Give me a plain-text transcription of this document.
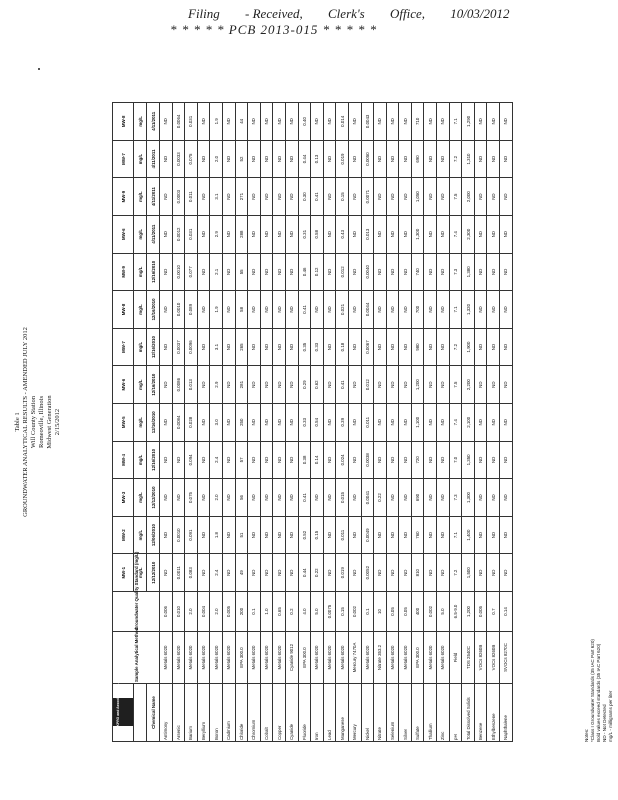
Filing - Received, Clerk's Office, 10/03/2012
* * * * * PCB 2013-015 * * * * *
Table 1 GROUNDWATER ANALYTICAL RESULTS - AMENDED JULY 2012 Will County Station Romeoville, Illinois Midwest Generation 2/15/2012
KPRG and Associates, Inc.	Sample Analytical Method	Groundwater Quality Standard (mg/L)	MW-1	MW-2	MW-3	MW-4	MW-5	MW-6	MW-7	MW-8	MW-9	MW-6	MW-9	MW-7	MW-8
			mg/L	mg/L	mg/L	mg/L	mg/L	mg/L	mg/L	mg/L	mg/L	mg/L	mg/L	mg/L	mg/L
Chemical Name			12/12/2010	12/06/2010	12/12/2010	12/16/2010	12/16/2010	12/16/2010	12/16/2010	12/16/2010	12/16/2010	4/11/2011	4/11/2011	4/11/2011	4/11/2011
Antimony	Metals 6020	0.006	ND	ND	ND	ND	ND	ND	ND	ND	ND	ND	ND	ND	ND
Arsenic	Metals 6020	0.010	0.0011	0.0010	ND	ND	0.0084	0.0086	0.0037	0.0010	0.0010	0.0012	0.0003	0.0033	0.0064
Barium	Metals 6020	2.0	0.083	0.091	0.075	0.094	0.028	0.013	0.0096	0.089	0.077	0.031	0.011	0.075	0.031
Beryllium	Metals 6020	0.004	ND	ND	ND	ND	ND	ND	ND	ND	ND	ND	ND	ND	ND
Boron	Metals 6020	2.0	2.4	1.8	2.0	2.4	3.0	2.9	3.1	1.9	2.1	2.9	3.1	2.0	1.9
Cadmium	Metals 6020	0.005	ND	ND	ND	ND	ND	ND	ND	ND	ND	ND	ND	ND	ND
Chloride	EPA 300.0	200	49	51	56	57	250	281	265	58	55	288	271	52	44
Chromium	Metals 6020	0.1	ND	ND	ND	ND	ND	ND	ND	ND	ND	ND	ND	ND	ND
Cobalt	Metals 6020	1.0	ND	ND	ND	ND	ND	ND	ND	ND	ND	ND	ND	ND	ND
Copper	Metals 6020	0.65	ND	ND	ND	ND	ND	ND	ND	ND	ND	ND	ND	ND	ND
Cyanide	Cyanide 9012	0.2	ND	ND	ND	ND	ND	ND	ND	ND	ND	ND	ND	ND	ND
Fluoride	EPA 300.0	4.0	0.44	0.52	0.41	0.38	0.33	0.29	0.35	0.41	0.46	0.31	0.30	0.44	0.40
Iron	Metals 6020	5.0	0.22	0.15	ND	0.14	0.54	0.62	0.33	ND	0.12	0.58	0.41	0.13	ND
Lead	Metals 6020	0.0075	ND	ND	ND	ND	ND	ND	ND	ND	ND	ND	ND	ND	ND
Manganese	Metals 6020	0.15	0.019	0.011	0.015	0.024	0.39	0.41	0.18	0.021	0.012	0.43	0.15	0.019	0.014
Mercury	Mercury 7470A	0.002	ND	ND	ND	ND	ND	ND	ND	ND	ND	ND	ND	ND	ND
Nickel	Metals 6020	0.1	0.0052	0.0049	0.0041	0.0038	0.011	0.012	0.0067	0.0044	0.0040	0.013	0.0071	0.0050	0.0043
Nitrate	Nitrate 353.2	10	ND	ND	0.22	ND	ND	ND	ND	ND	ND	ND	ND	ND	ND
Selenium	Metals 6020	0.05	ND	ND	ND	ND	ND	ND	ND	ND	ND	ND	ND	ND	ND
Silver	Metals 6020	0.05	ND	ND	ND	ND	ND	ND	ND	ND	ND	ND	ND	ND	ND
Sulfate	EPA 300.0	400	810	760	690	720	1,100	1,200	980	700	740	1,300	1,050	690	710
Thallium	Metals 6020	0.002	ND	ND	ND	ND	ND	ND	ND	ND	ND	ND	ND	ND	ND
Zinc	Metals 6020	5.0	ND	ND	ND	ND	ND	ND	ND	ND	ND	ND	ND	ND	ND
pH	Field	6.5-9.0	7.2	7.1	7.3	7.0	7.4	7.5	7.2	7.1	7.3	7.4	7.5	7.2	7.1
Total Dissolved Solids	TDS 2540C	1,200	1,500	1,400	1,300	1,350	2,100	2,200	1,900	1,320	1,380	2,300	2,000	1,310	1,290
Benzene	VOCs 8260B	0.005	ND	ND	ND	ND	ND	ND	ND	ND	ND	ND	ND	ND	ND
Ethylbenzene	VOCs 8260B	0.7	ND	ND	ND	ND	ND	ND	ND	ND	ND	ND	ND	ND	ND
Naphthalene	SVOCs 8270C	0.14	ND	ND	ND	ND	ND	ND	ND	ND	ND	ND	ND	ND	ND
Notes: *Class I Groundwater Standards (35 IAC Part 620) Bold values exceed standards (35 IAC Part 620) ND - Not Detected mg/L - milligrams per liter
